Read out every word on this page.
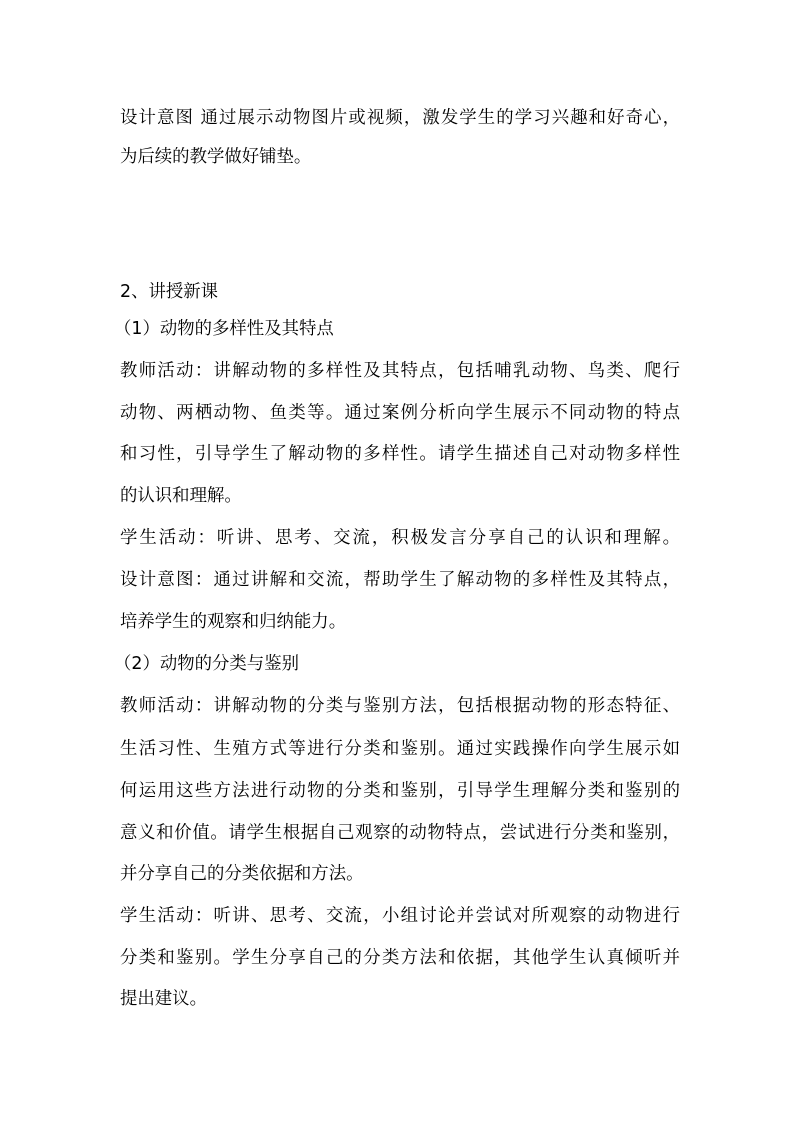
设计意图 通过展示动物图片或视频，激发学生的学习兴趣和好奇心，
为后续的教学做好铺垫。
2、讲授新课
（1）动物的多样性及其特点
教师活动：讲解动物的多样性及其特点，包括哺乳动物、鸟类、爬行
动物、两栖动物、鱼类等。通过案例分析向学生展示不同动物的特点
和习性，引导学生了解动物的多样性。请学生描述自己对动物多样性
的认识和理解。
学生活动：听讲、思考、交流，积极发言分享自己的认识和理解。
设计意图：通过讲解和交流，帮助学生了解动物的多样性及其特点，
培养学生的观察和归纳能力。
（2）动物的分类与鉴别
教师活动：讲解动物的分类与鉴别方法，包括根据动物的形态特征、
生活习性、生殖方式等进行分类和鉴别。通过实践操作向学生展示如
何运用这些方法进行动物的分类和鉴别，引导学生理解分类和鉴别的
意义和价值。请学生根据自己观察的动物特点，尝试进行分类和鉴别，
并分享自己的分类依据和方法。
学生活动：听讲、思考、交流，小组讨论并尝试对所观察的动物进行
分类和鉴别。学生分享自己的分类方法和依据，其他学生认真倾听并
提出建议。
